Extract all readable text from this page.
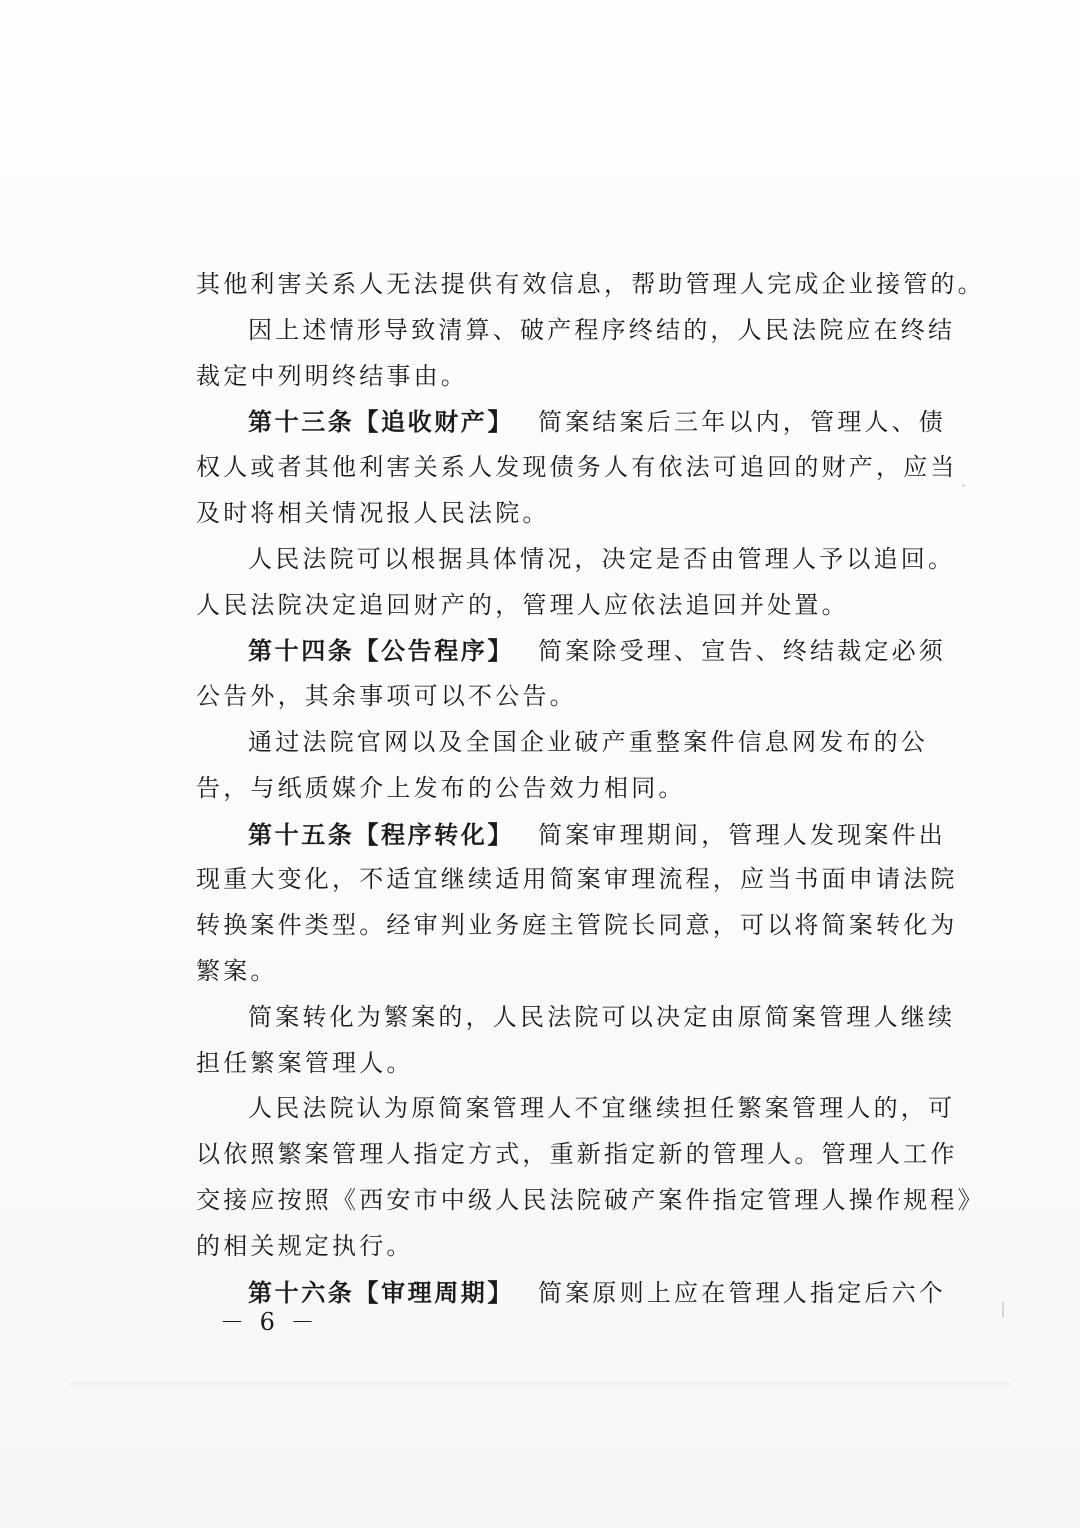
其他利害关系人无法提供有效信息，帮助管理人完成企业接管的。
因上述情形导致清算、破产程序终结的，人民法院应在终结
裁定中列明终结事由。
第十三条【追收财产】 简案结案后三年以内，管理人、债
权人或者其他利害关系人发现债务人有依法可追回的财产，应当
及时将相关情况报人民法院。
人民法院可以根据具体情况，决定是否由管理人予以追回。
人民法院决定追回财产的，管理人应依法追回并处置。
第十四条【公告程序】 简案除受理、宣告、终结裁定必须
公告外，其余事项可以不公告。
通过法院官网以及全国企业破产重整案件信息网发布的公
告，与纸质媒介上发布的公告效力相同。
第十五条【程序转化】 简案审理期间，管理人发现案件出
现重大变化，不适宜继续适用简案审理流程，应当书面申请法院
转换案件类型。经审判业务庭主管院长同意，可以将简案转化为
繁案。
简案转化为繁案的，人民法院可以决定由原简案管理人继续
担任繁案管理人。
人民法院认为原简案管理人不宜继续担任繁案管理人的，可
以依照繁案管理人指定方式，重新指定新的管理人。管理人工作
交接应按照《西安市中级人民法院破产案件指定管理人操作规程》
的相关规定执行。
第十六条【审理周期】 简案原则上应在管理人指定后六个
－ 6 －
